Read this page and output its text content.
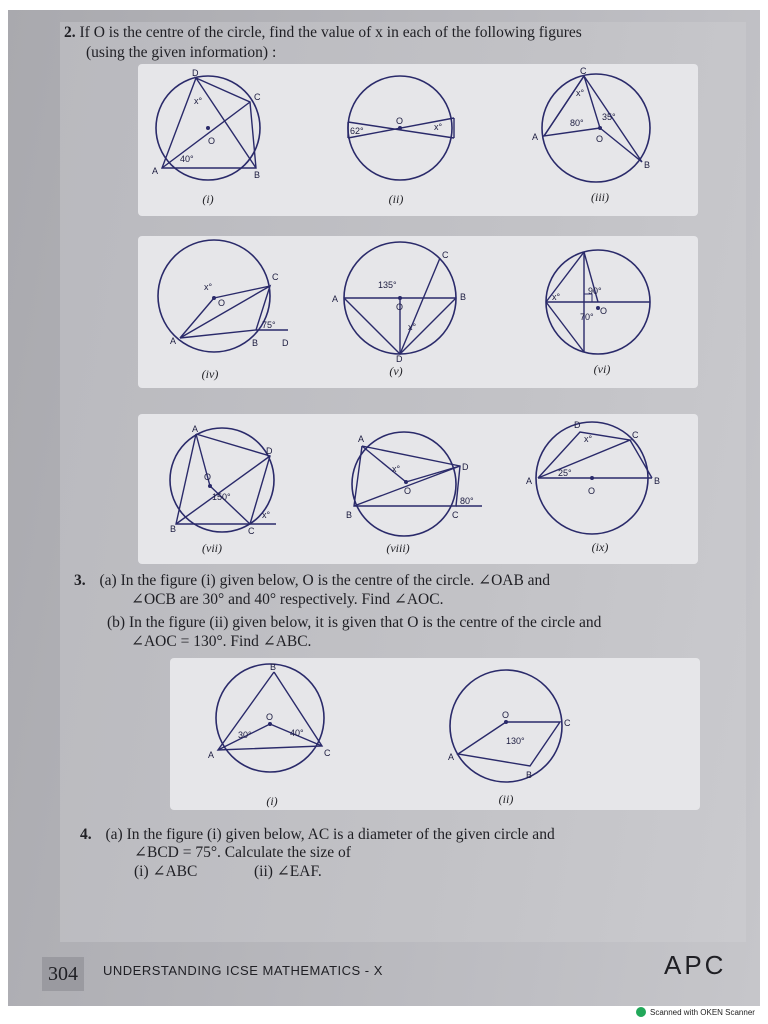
2. If O is the centre of the circle, find the value of x in each of the following figures
(using the given information) :
D
C
A	B
O
x°
40°
(i)
O
x°
62°
(ii)
C
A
B
O
x°
80°
35°
(iii)
C
A	B	D
O
x°
75°
(iv)
C
A	B
D
O
x°
135°
(v)
O
x°
90°
70°
(vi)
A
D
B	C
O
x°
150°
(vii)
A
D
B	C
O
x°
80°
(viii)
D
C
A	B
O
x°
25°
(ix)
3. (a) In the figure (i) given below, O is the centre of the circle. ∠OAB and
∠OCB are 30° and 40° respectively. Find ∠AOC.
(b) In the figure (ii) given below, it is given that O is the centre of the circle and
∠AOC = 130°. Find ∠ABC.
B
A	C
O
30°	40°
(i)
O
C
A
B
130°
(ii)
4. (a) In the figure (i) given below, AC is a diameter of the given circle and
∠BCD = 75°. Calculate the size of
(i) ∠ABC	(ii) ∠EAF.
304	UNDERSTANDING ICSE MATHEMATICS - X	APC
Scanned with OKEN Scanner
